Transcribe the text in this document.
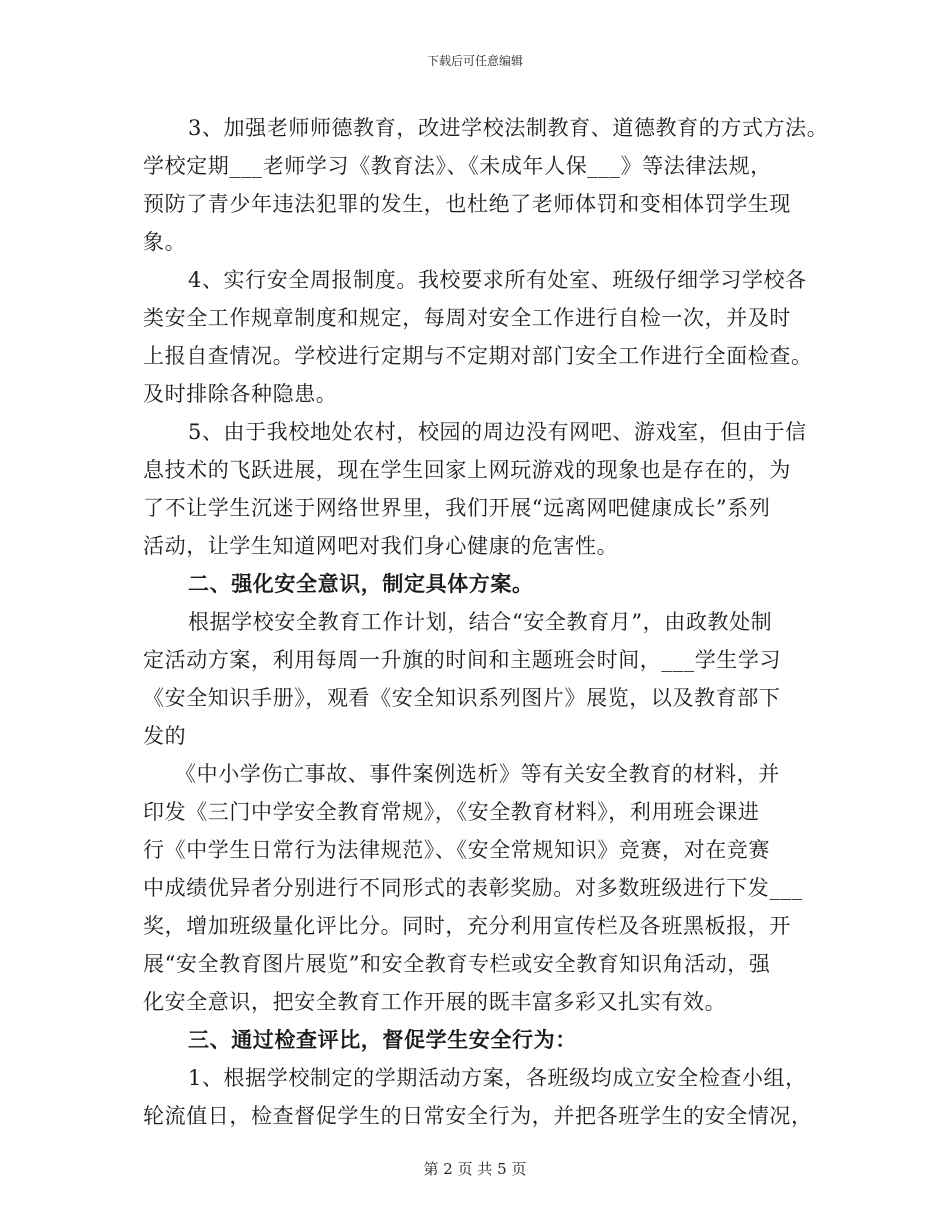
下载后可任意编辑
3、加强老师师德教育，改进学校法制教育、道德教育的方式方法。
学校定期___老师学习《教育法》、《未成年人保___》等法律法规，
预防了青少年违法犯罪的发生，也杜绝了老师体罚和变相体罚学生现
象。
4、实行安全周报制度。我校要求所有处室、班级仔细学习学校各
类安全工作规章制度和规定，每周对安全工作进行自检一次，并及时
上报自查情况。学校进行定期与不定期对部门安全工作进行全面检查。
及时排除各种隐患。
5、由于我校地处农村，校园的周边没有网吧、游戏室，但由于信
息技术的飞跃进展，现在学生回家上网玩游戏的现象也是存在的，为
了不让学生沉迷于网络世界里，我们开展“远离网吧健康成长”系列
活动，让学生知道网吧对我们身心健康的危害性。
二、强化安全意识，制定具体方案。
根据学校安全教育工作计划，结合“安全教育月”，由政教处制
定活动方案，利用每周一升旗的时间和主题班会时间，___学生学习
《安全知识手册》，观看《安全知识系列图片》展览，以及教育部下
发的
《中小学伤亡事故、事件案例选析》等有关安全教育的材料，并
印发《三门中学安全教育常规》，《安全教育材料》，利用班会课进
行《中学生日常行为法律规范》、《安全常规知识》竞赛，对在竞赛
中成绩优异者分别进行不同形式的表彰奖励。对多数班级进行下发___
奖，增加班级量化评比分。同时，充分利用宣传栏及各班黑板报，开
展“安全教育图片展览”和安全教育专栏或安全教育知识角活动，强
化安全意识，把安全教育工作开展的既丰富多彩又扎实有效。
三、通过检查评比，督促学生安全行为：
1、根据学校制定的学期活动方案，各班级均成立安全检查小组，
轮流值日，检查督促学生的日常安全行为，并把各班学生的安全情况，
第 2 页 共 5 页
